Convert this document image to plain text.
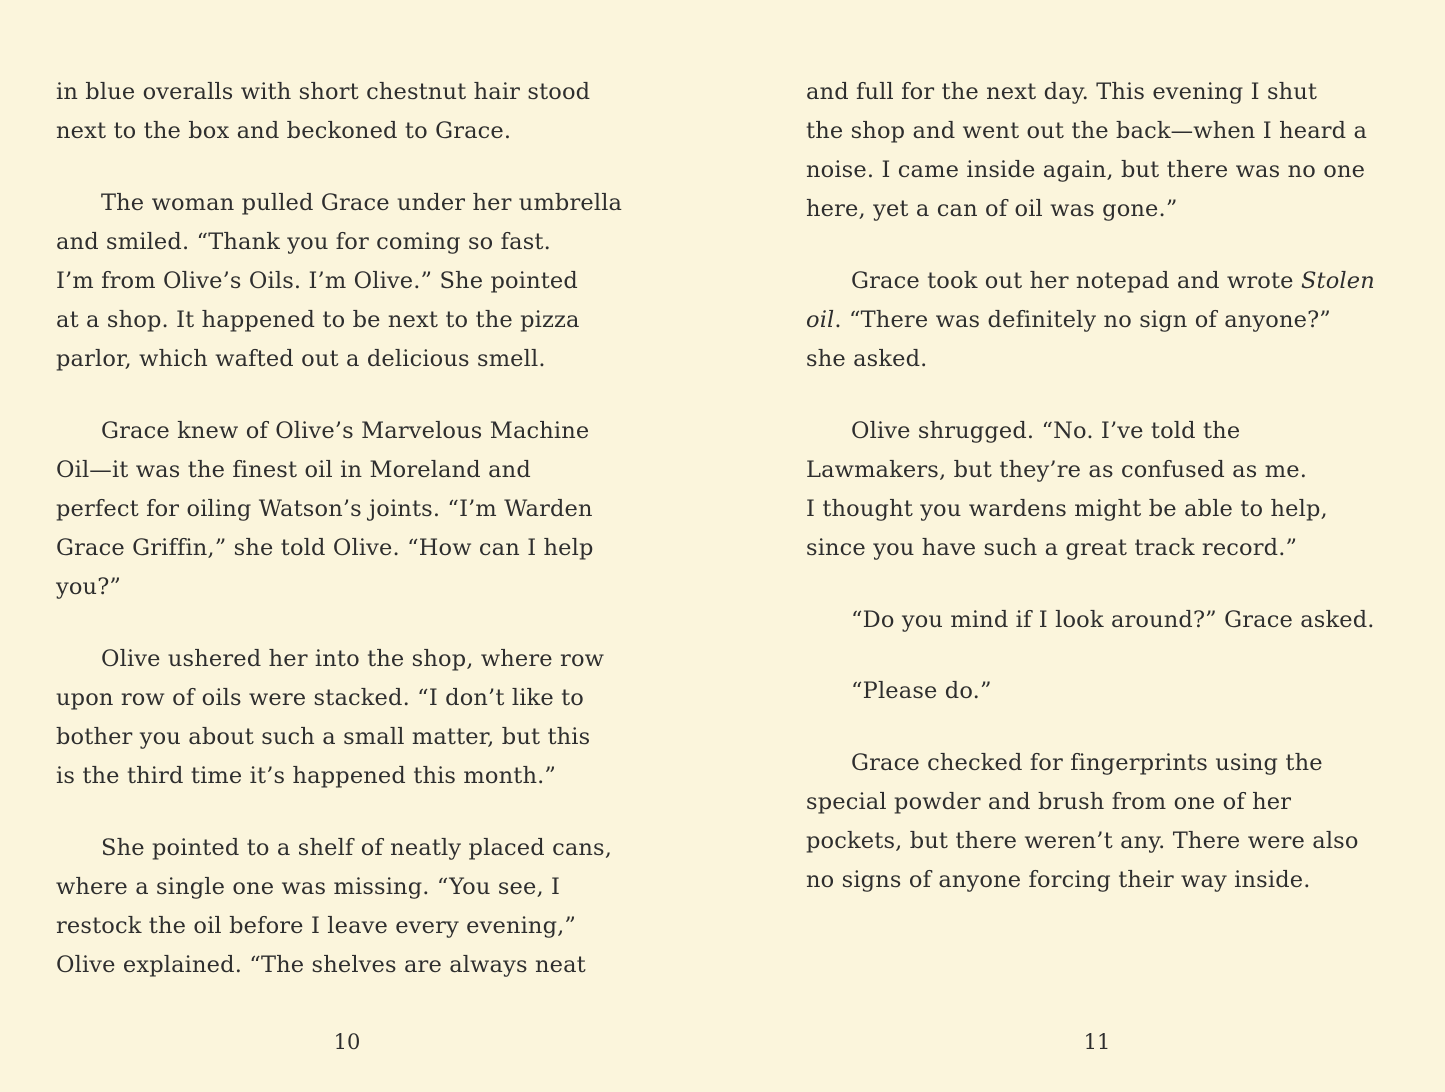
in blue overalls with short chestnut hair stood
next to the box and beckoned to Grace.
The woman pulled Grace under her umbrella
and smiled. “Thank you for coming so fast.
I’m from Olive’s Oils. I’m Olive.” She pointed
at a shop. It happened to be next to the pizza
parlor, which wafted out a delicious smell.
Grace knew of Olive’s Marvelous Machine
Oil—it was the finest oil in Moreland and
perfect for oiling Watson’s joints. “I’m Warden
Grace Griffin,” she told Olive. “How can I help
you?”
Olive ushered her into the shop, where row
upon row of oils were stacked. “I don’t like to
bother you about such a small matter, but this
is the third time it’s happened this month.”
She pointed to a shelf of neatly placed cans,
where a single one was missing. “You see, I
restock the oil before I leave every evening,”
Olive explained. “The shelves are always neat
10
and full for the next day. This evening I shut
the shop and went out the back—when I heard a
noise. I came inside again, but there was no one
here, yet a can of oil was gone.”
Grace took out her notepad and wrote Stolen
oil. “There was definitely no sign of anyone?”
she asked.
Olive shrugged. “No. I’ve told the
Lawmakers, but they’re as confused as me.
I thought you wardens might be able to help,
since you have such a great track record.”
“Do you mind if I look around?” Grace asked.
“Please do.”
Grace checked for fingerprints using the
special powder and brush from one of her
pockets, but there weren’t any. There were also
no signs of anyone forcing their way inside.
11
